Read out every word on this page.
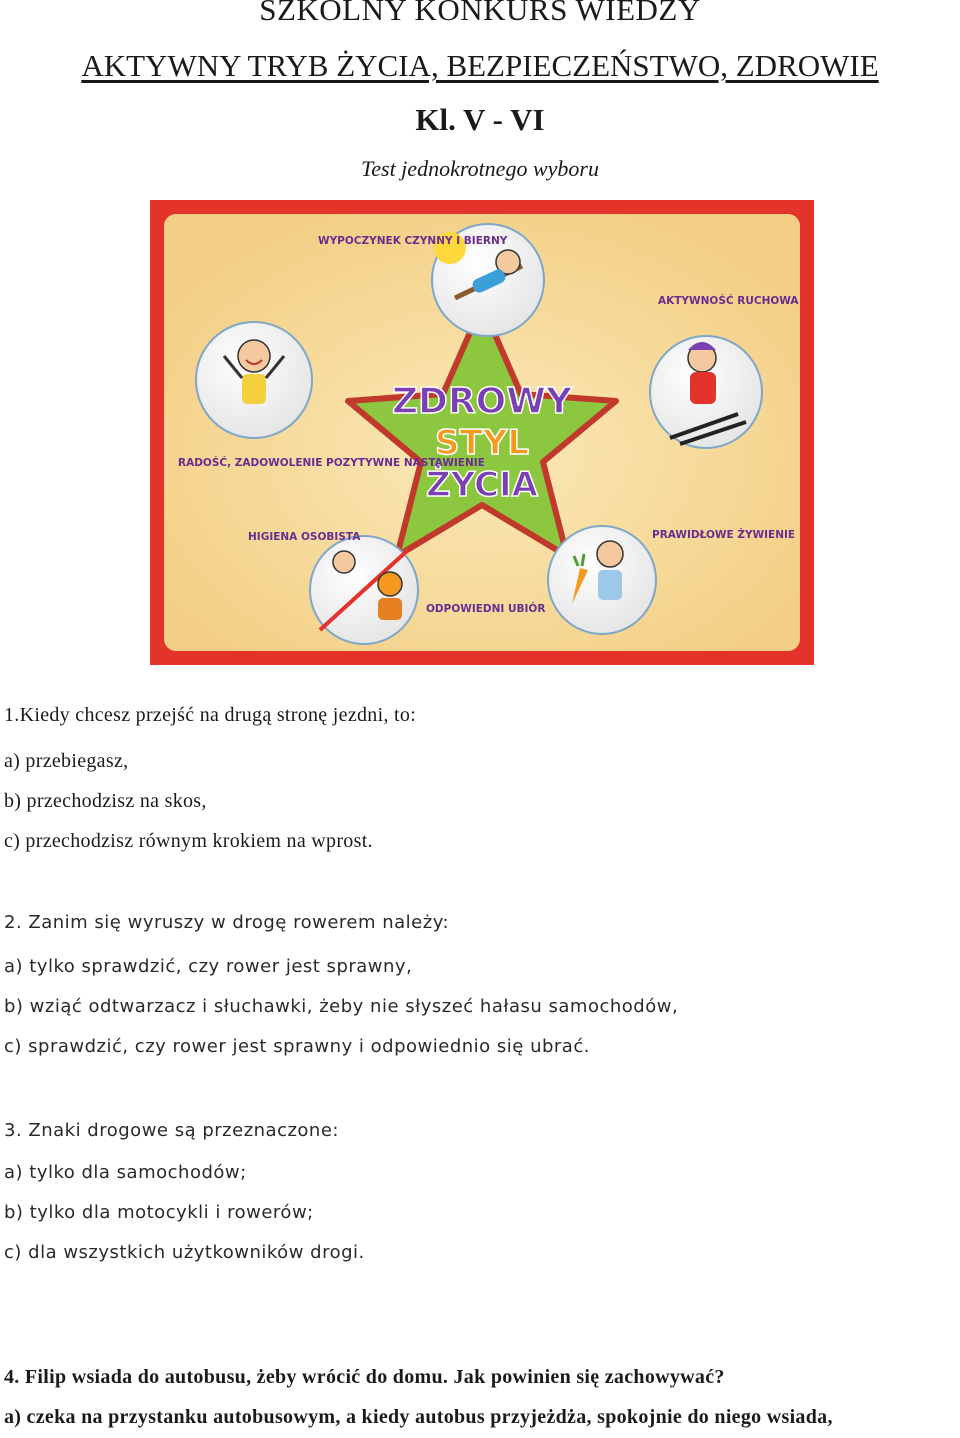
SZKOLNY KONKURS WIEDZY
AKTYWNY TRYB ŻYCIA, BEZPIECZEŃSTWO, ZDROWIE
Kl. V - VI
Test jednokrotnego wyboru
ZDROWY
STYL
ŻYCIA
WYPOCZYNEK CZYNNY I BIERNY
AKTYWNOŚĆ RUCHOWA
RADOŚĆ, ZADOWOLENIE POZYTYWNE NASTAWIENIE
HIGIENA OSOBISTA
ODPOWIEDNI UBIÓR
PRAWIDŁOWE ŻYWIENIE
1.Kiedy chcesz przejść na drugą stronę jezdni, to:
a) przebiegasz,
b) przechodzisz na skos,
c) przechodzisz równym krokiem na wprost.
2. Zanim się wyruszy w drogę rowerem należy:
a) tylko sprawdzić, czy rower jest sprawny,
b) wziąć odtwarzacz i słuchawki, żeby nie słyszeć hałasu samochodów,
c) sprawdzić, czy rower jest sprawny i odpowiednio się ubrać.
3. Znaki drogowe są przeznaczone:
a) tylko dla samochodów;
b) tylko dla motocykli i rowerów;
c) dla wszystkich użytkowników drogi.
4. Filip wsiada do autobusu, żeby wrócić do domu. Jak powinien się zachowywać?
a) czeka na przystanku autobusowym, a kiedy autobus przyjeżdża, spokojnie do niego wsiada,
